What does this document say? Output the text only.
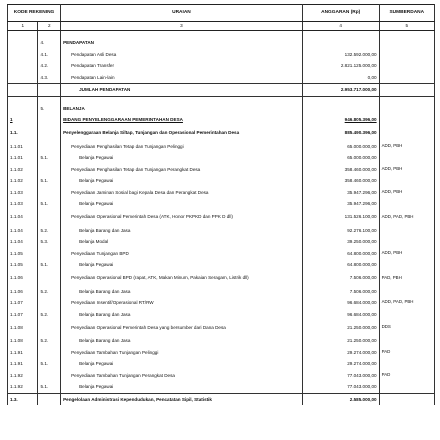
KODE REKENING		URAIAN	ANGGARAN (Rp)	SUMBERDANA
1	2	3	4	5

	4.	PENDAPATAN		
	4.1.	Pendapatan Asli Desa	132.592.000,00	
	4.2.	Pendapatan Transfer	2.821.125.000,00	
	4.3.	Pendapatan Lain-lain	0,00	
		JUMLAH PENDAPATAN	2.953.717.000,00	

	5.	BELANJA		
1		BIDANG PENYELENGGARAAN PEMERINTAHAN DESA	946.805.396,00	
1.1.		Penyelenggaraan Belanja Siltap, Tunjangan dan Operasional Pemerintahan Desa	885.490.396,00	
1.1.01		Penyediaan Penghasilan Tetap dan Tunjangan Pelinggi	65.000.000,00	ADD, PBH
1.1.01	5.1.	Belanja Pegawai	65.000.000,00	
1.1.02		Penyediaan Penghasilan Tetap dan Tunjangan Perangkat Desa	358.460.000,00	ADD, PBH
1.1.02	5.1.	Belanja Pegawai	358.460.000,00	
1.1.03		Penyediaan Jaminan Sosial bagi Kepala Desa dan Perangkat Desa	35.947.296,00	ADD, PBH
1.1.03	5.1.	Belanja Pegawai	35.947.296,00	
1.1.04		Penyediaan Operasional Pemerintah Desa (ATK, Honor PKPKD dan PPK D dll)	131.526.100,00	ADD, PAD, PBH
1.1.04	5.2.	Belanja Barang dan Jasa	92.276.100,00	
1.1.04	5.3.	Belanja Modal	39.250.000,00	
1.1.05		Penyediaan Tunjangan BPD	64.800.000,00	ADD, PBH
1.1.05	5.1.	Belanja Pegawai	64.800.000,00	
1.1.06		Penyediaan Operasional BPD (rapat, ATK, Makan Minum, Pakaian Seragam, Listrik dll)	7.506.000,00	PAD, PBH
1.1.06	5.2.	Belanja Barang dan Jasa	7.506.000,00	
1.1.07		Penyediaan Insentif/Operasional RT/RW	96.684.000,00	ADD, PAD, PBH
1.1.07	5.2.	Belanja Barang dan Jasa	96.684.000,00	
1.1.08		Penyediaan Operasional Pemerintah Desa yang bersumber dari Dana Desa	21.250.000,00	DDS
1.1.08	5.2.	Belanja Barang dan Jasa	21.250.000,00	
1.1.91		Penyediaan Tambahan Tunjangan Pelinggi	29.274.000,00	PAD
1.1.91	5.1.	Belanja Pegawai	29.274.000,00	
1.1.92		Penyediaan Tambahan Tunjangan Perangkat Desa	77.043.000,00	PAD
1.1.92	5.1.	Belanja Pegawai	77.043.000,00	
1.3.		Pengelolaan Administrasi Kependudukan, Pencatatan Sipil, Statistik	2.585.000,00	
